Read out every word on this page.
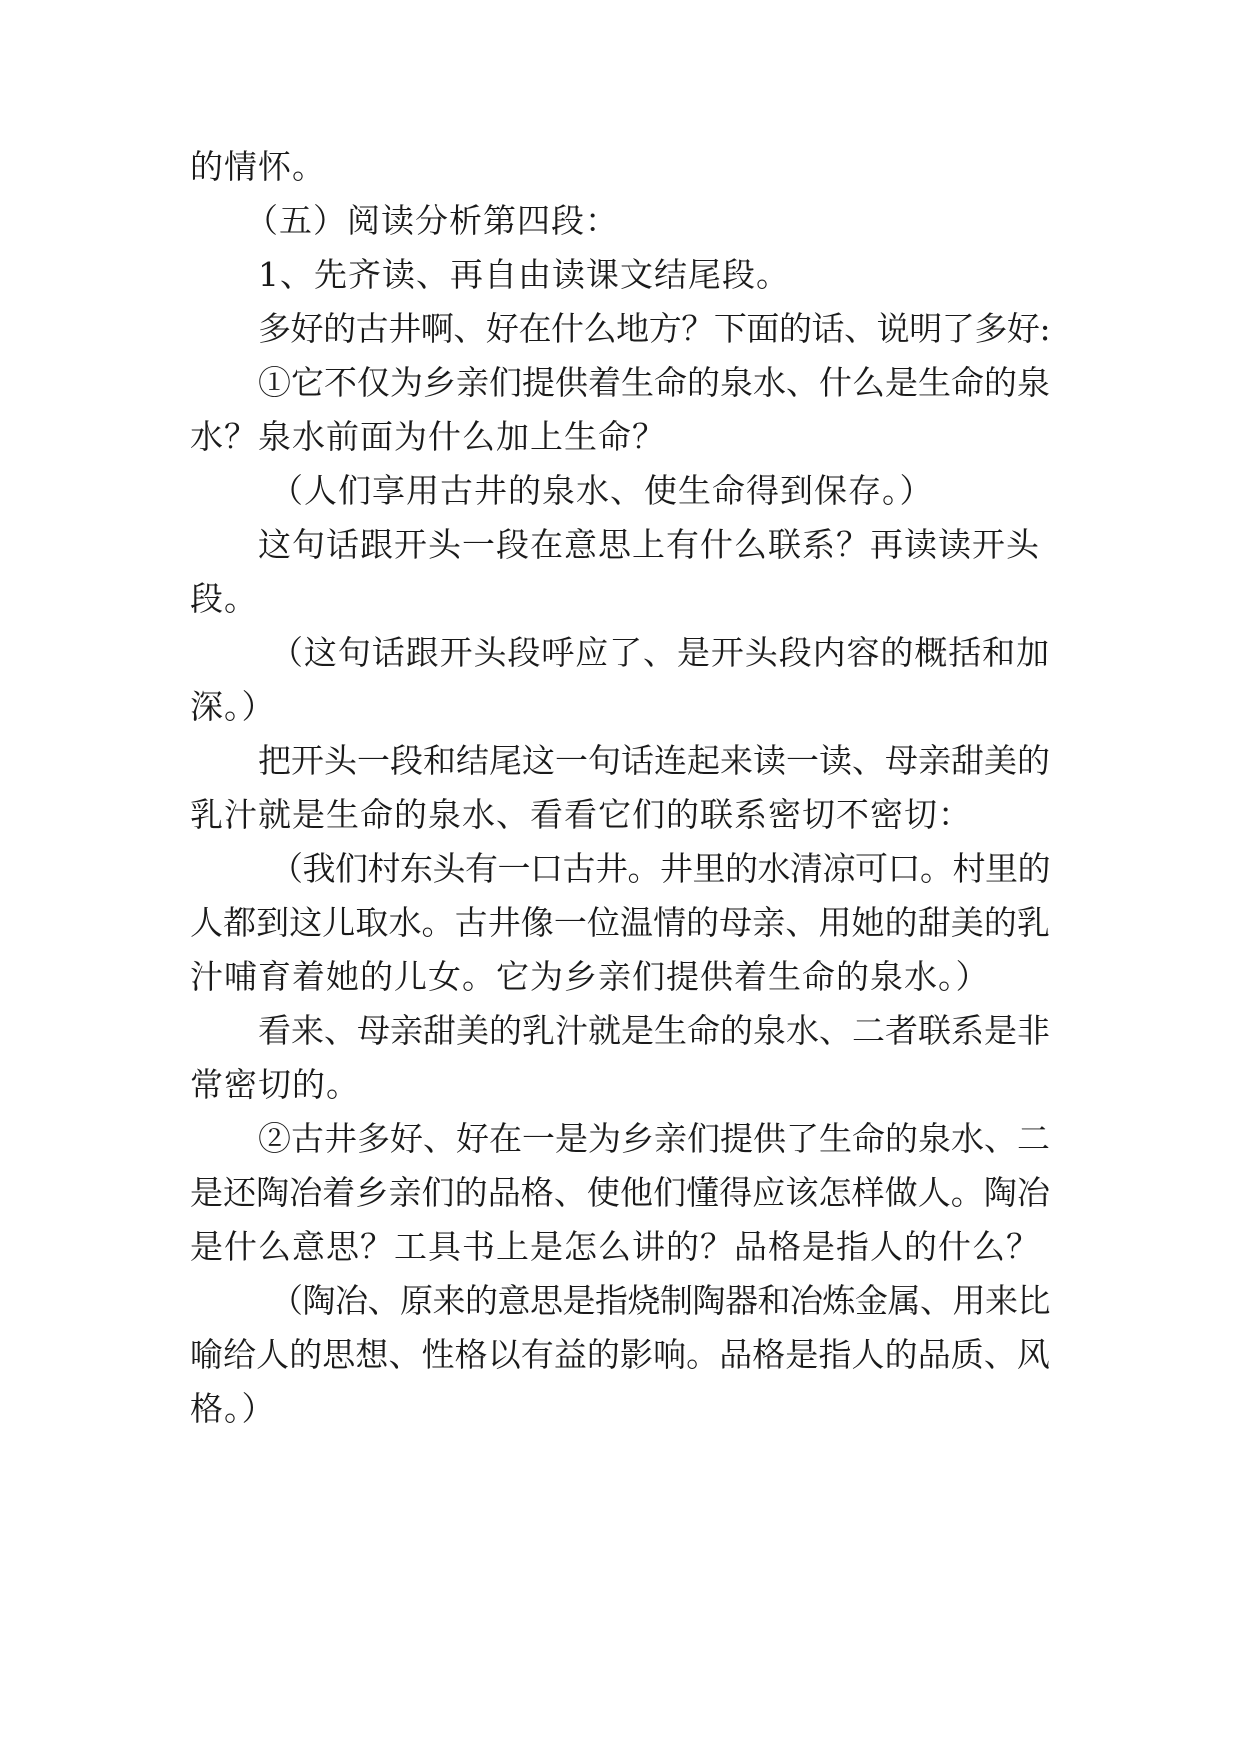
的情怀。

（五）阅读分析第四段：

1、先齐读、再自由读课文结尾段。

多好的古井啊、好在什么地方？下面的话、说明了多好:

①它不仅为乡亲们提供着生命的泉水、什么是生命的泉

水？泉水前面为什么加上生命？

（人们享用古井的泉水、使生命得到保存。）

这句话跟开头一段在意思上有什么联系？再读读开头

段。

（这句话跟开头段呼应了、是开头段内容的概括和加

深。）

把开头一段和结尾这一句话连起来读一读、母亲甜美的

乳汁就是生命的泉水、看看它们的联系密切不密切：

（我们村东头有一口古井。井里的水清凉可口。村里的

人都到这儿取水。古井像一位温情的母亲、用她的甜美的乳

汁哺育着她的儿女。它为乡亲们提供着生命的泉水。）

看来、母亲甜美的乳汁就是生命的泉水、二者联系是非

常密切的。

②古井多好、好在一是为乡亲们提供了生命的泉水、二

是还陶冶着乡亲们的品格、使他们懂得应该怎样做人。陶冶

是什么意思？工具书上是怎么讲的？品格是指人的什么？

（陶冶、原来的意思是指烧制陶器和冶炼金属、用来比

喻给人的思想、性格以有益的影响。品格是指人的品质、风

格。）
